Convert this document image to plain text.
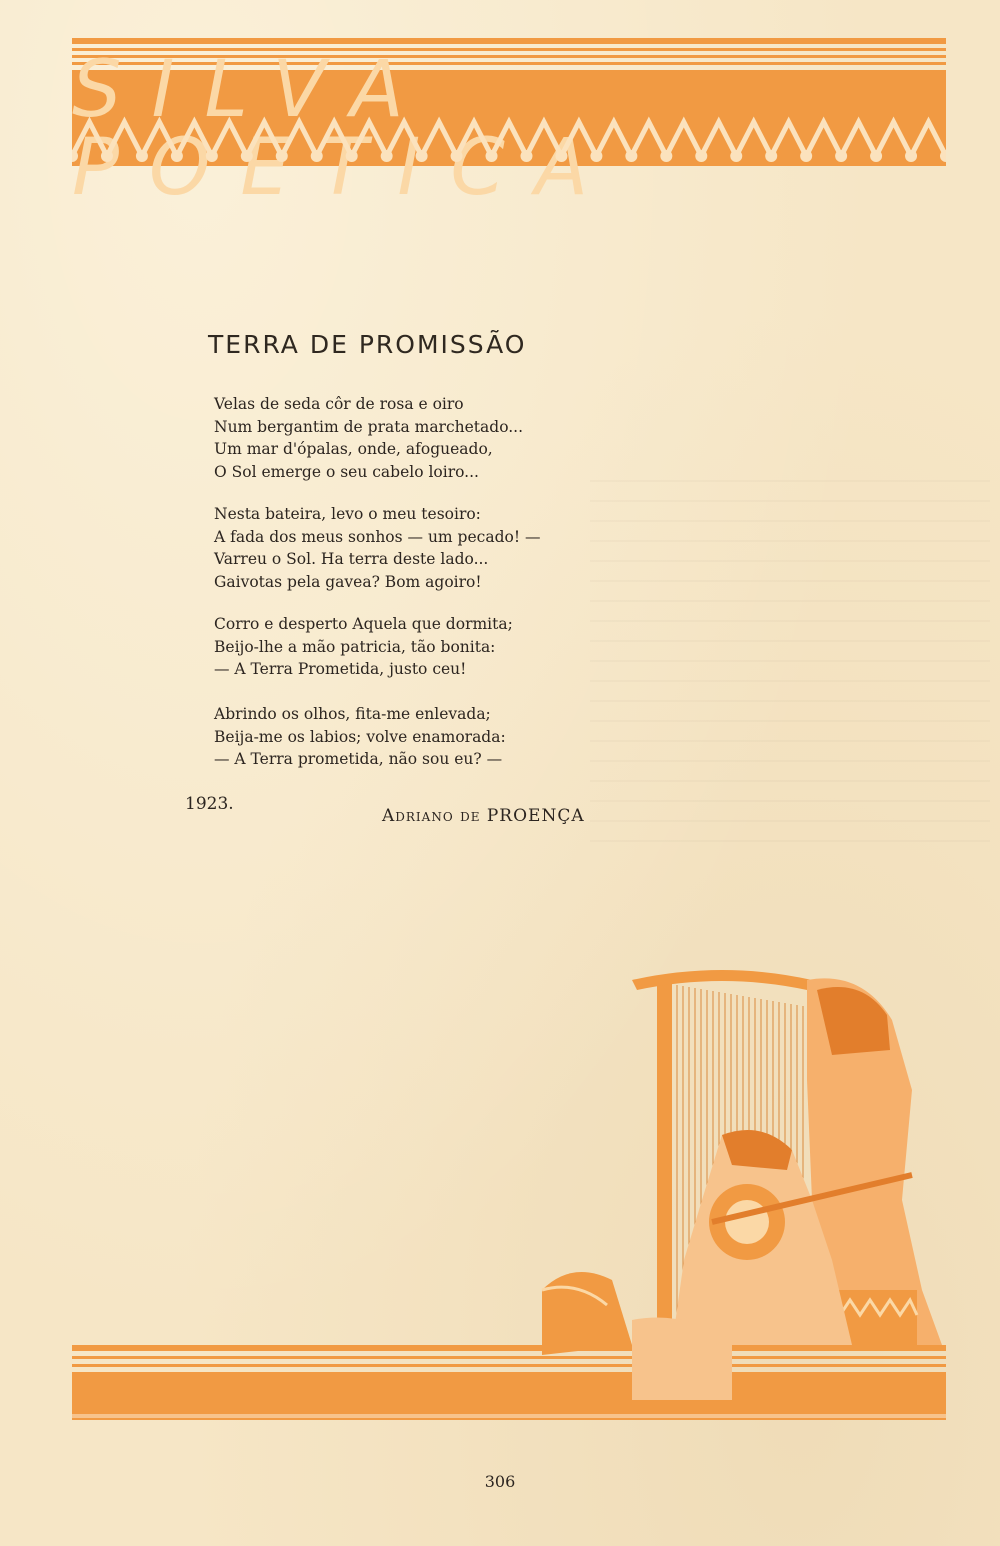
TERRA DE PROMISSÃO
Velas de seda côr de rosa e oiro
Num bergantim de prata marchetado...
Um mar d'ópalas, onde, afogueado,
O Sol emerge o seu cabelo loiro...
Nesta bateira, levo o meu tesoiro:
A fada dos meus sonhos — um pecado! —
Varreu o Sol. Ha terra deste lado...
Gaivotas pela gavea? Bom agoiro!
Corro e desperto Aquela que dormita;
Beijo-lhe a mão patricia, tão bonita:
— A Terra Prometida, justo ceu!
Abrindo os olhos, fita-me enlevada;
Beija-me os labios; volve enamorada:
— A Terra prometida, não sou eu? —
1923.
Adriano de PROENÇA
306
